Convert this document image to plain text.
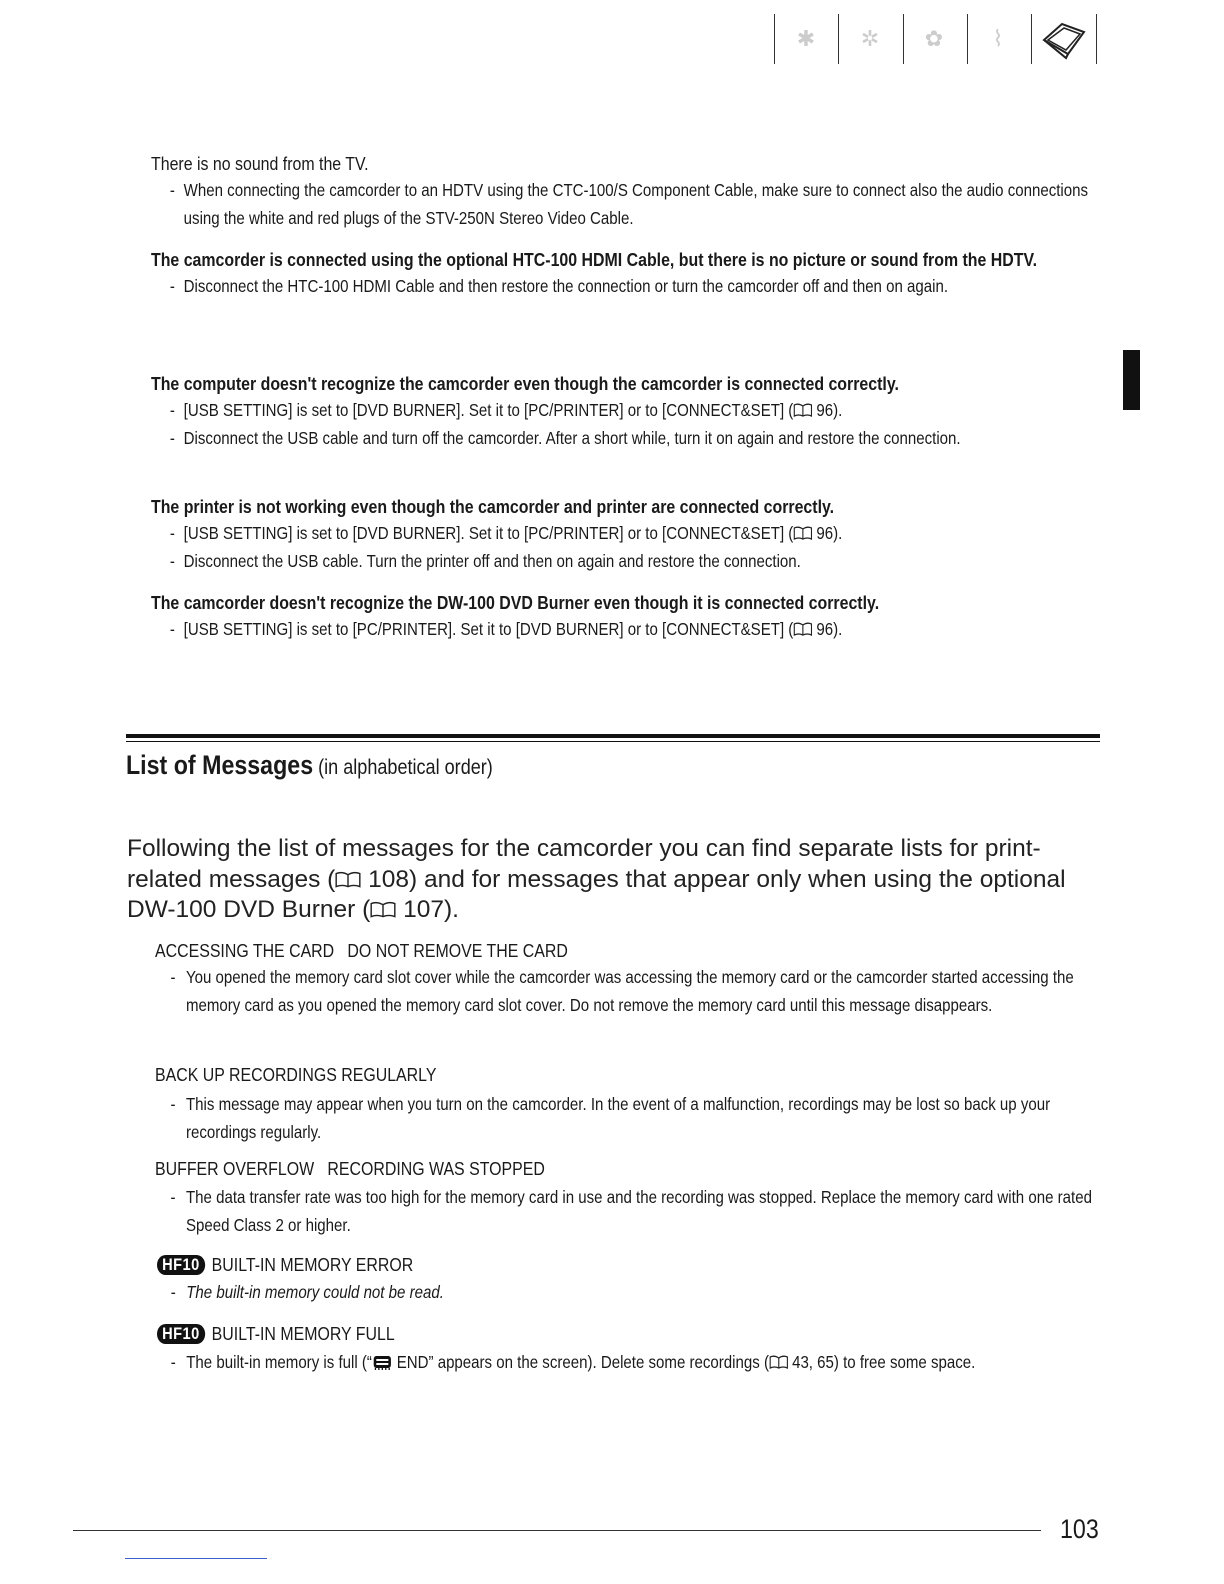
✱	✲	✿	⌇

There is no sound from the TV.

- When connecting the camcorder to an HDTV using the CTC-100/S Component Cable, make sure to connect also the audio connections using the white and red plugs of the STV-250N Stereo Video Cable.

The camcorder is connected using the optional HTC-100 HDMI Cable, but there is no picture or sound from the HDTV.

- Disconnect the HTC-100 HDMI Cable and then restore the connection or turn the camcorder off and then on again.

The computer doesn't recognize the camcorder even though the camcorder is connected correctly.

- [USB SETTING] is set to [DVD BURNER]. Set it to [PC/PRINTER] or to [CONNECT&SET] (
96).
- Disconnect the USB cable and turn off the camcorder. After a short while, turn it on again and restore the connection.

The printer is not working even though the camcorder and printer are connected correctly.

- [USB SETTING] is set to [DVD BURNER]. Set it to [PC/PRINTER] or to [CONNECT&SET] (
96).
- Disconnect the USB cable. Turn the printer off and then on again and restore the connection.

The camcorder doesn't recognize the DW-100 DVD Burner even though it is connected correctly.

- [USB SETTING] is set to [PC/PRINTER]. Set it to [DVD BURNER] or to [CONNECT&SET] (
96).
List of Messages (in alphabetical order)
Following the list of messages for the camcorder you can find separate lists for print-related messages (
108) and for messages that appear only when using the optional DW-100 DVD Burner (
107).
ACCESSING THE CARD   DO NOT REMOVE THE CARD
- You opened the memory card slot cover while the camcorder was accessing the memory card or the camcorder started accessing the memory card as you opened the memory card slot cover. Do not remove the memory card until this message disappears.
BACK UP RECORDINGS REGULARLY
- This message may appear when you turn on the camcorder. In the event of a malfunction, recordings may be lost so back up your recordings regularly.
BUFFER OVERFLOW   RECORDING WAS STOPPED
- The data transfer rate was too high for the memory card in use and the recording was stopped. Replace the memory card with one rated Speed Class 2 or higher.
HF10 BUILT-IN MEMORY ERROR
- The built-in memory could not be read.
HF10 BUILT-IN MEMORY FULL
- The built-in memory is full (“ END” appears on the screen). Delete some recordings (
43, 65) to free some space.
103
